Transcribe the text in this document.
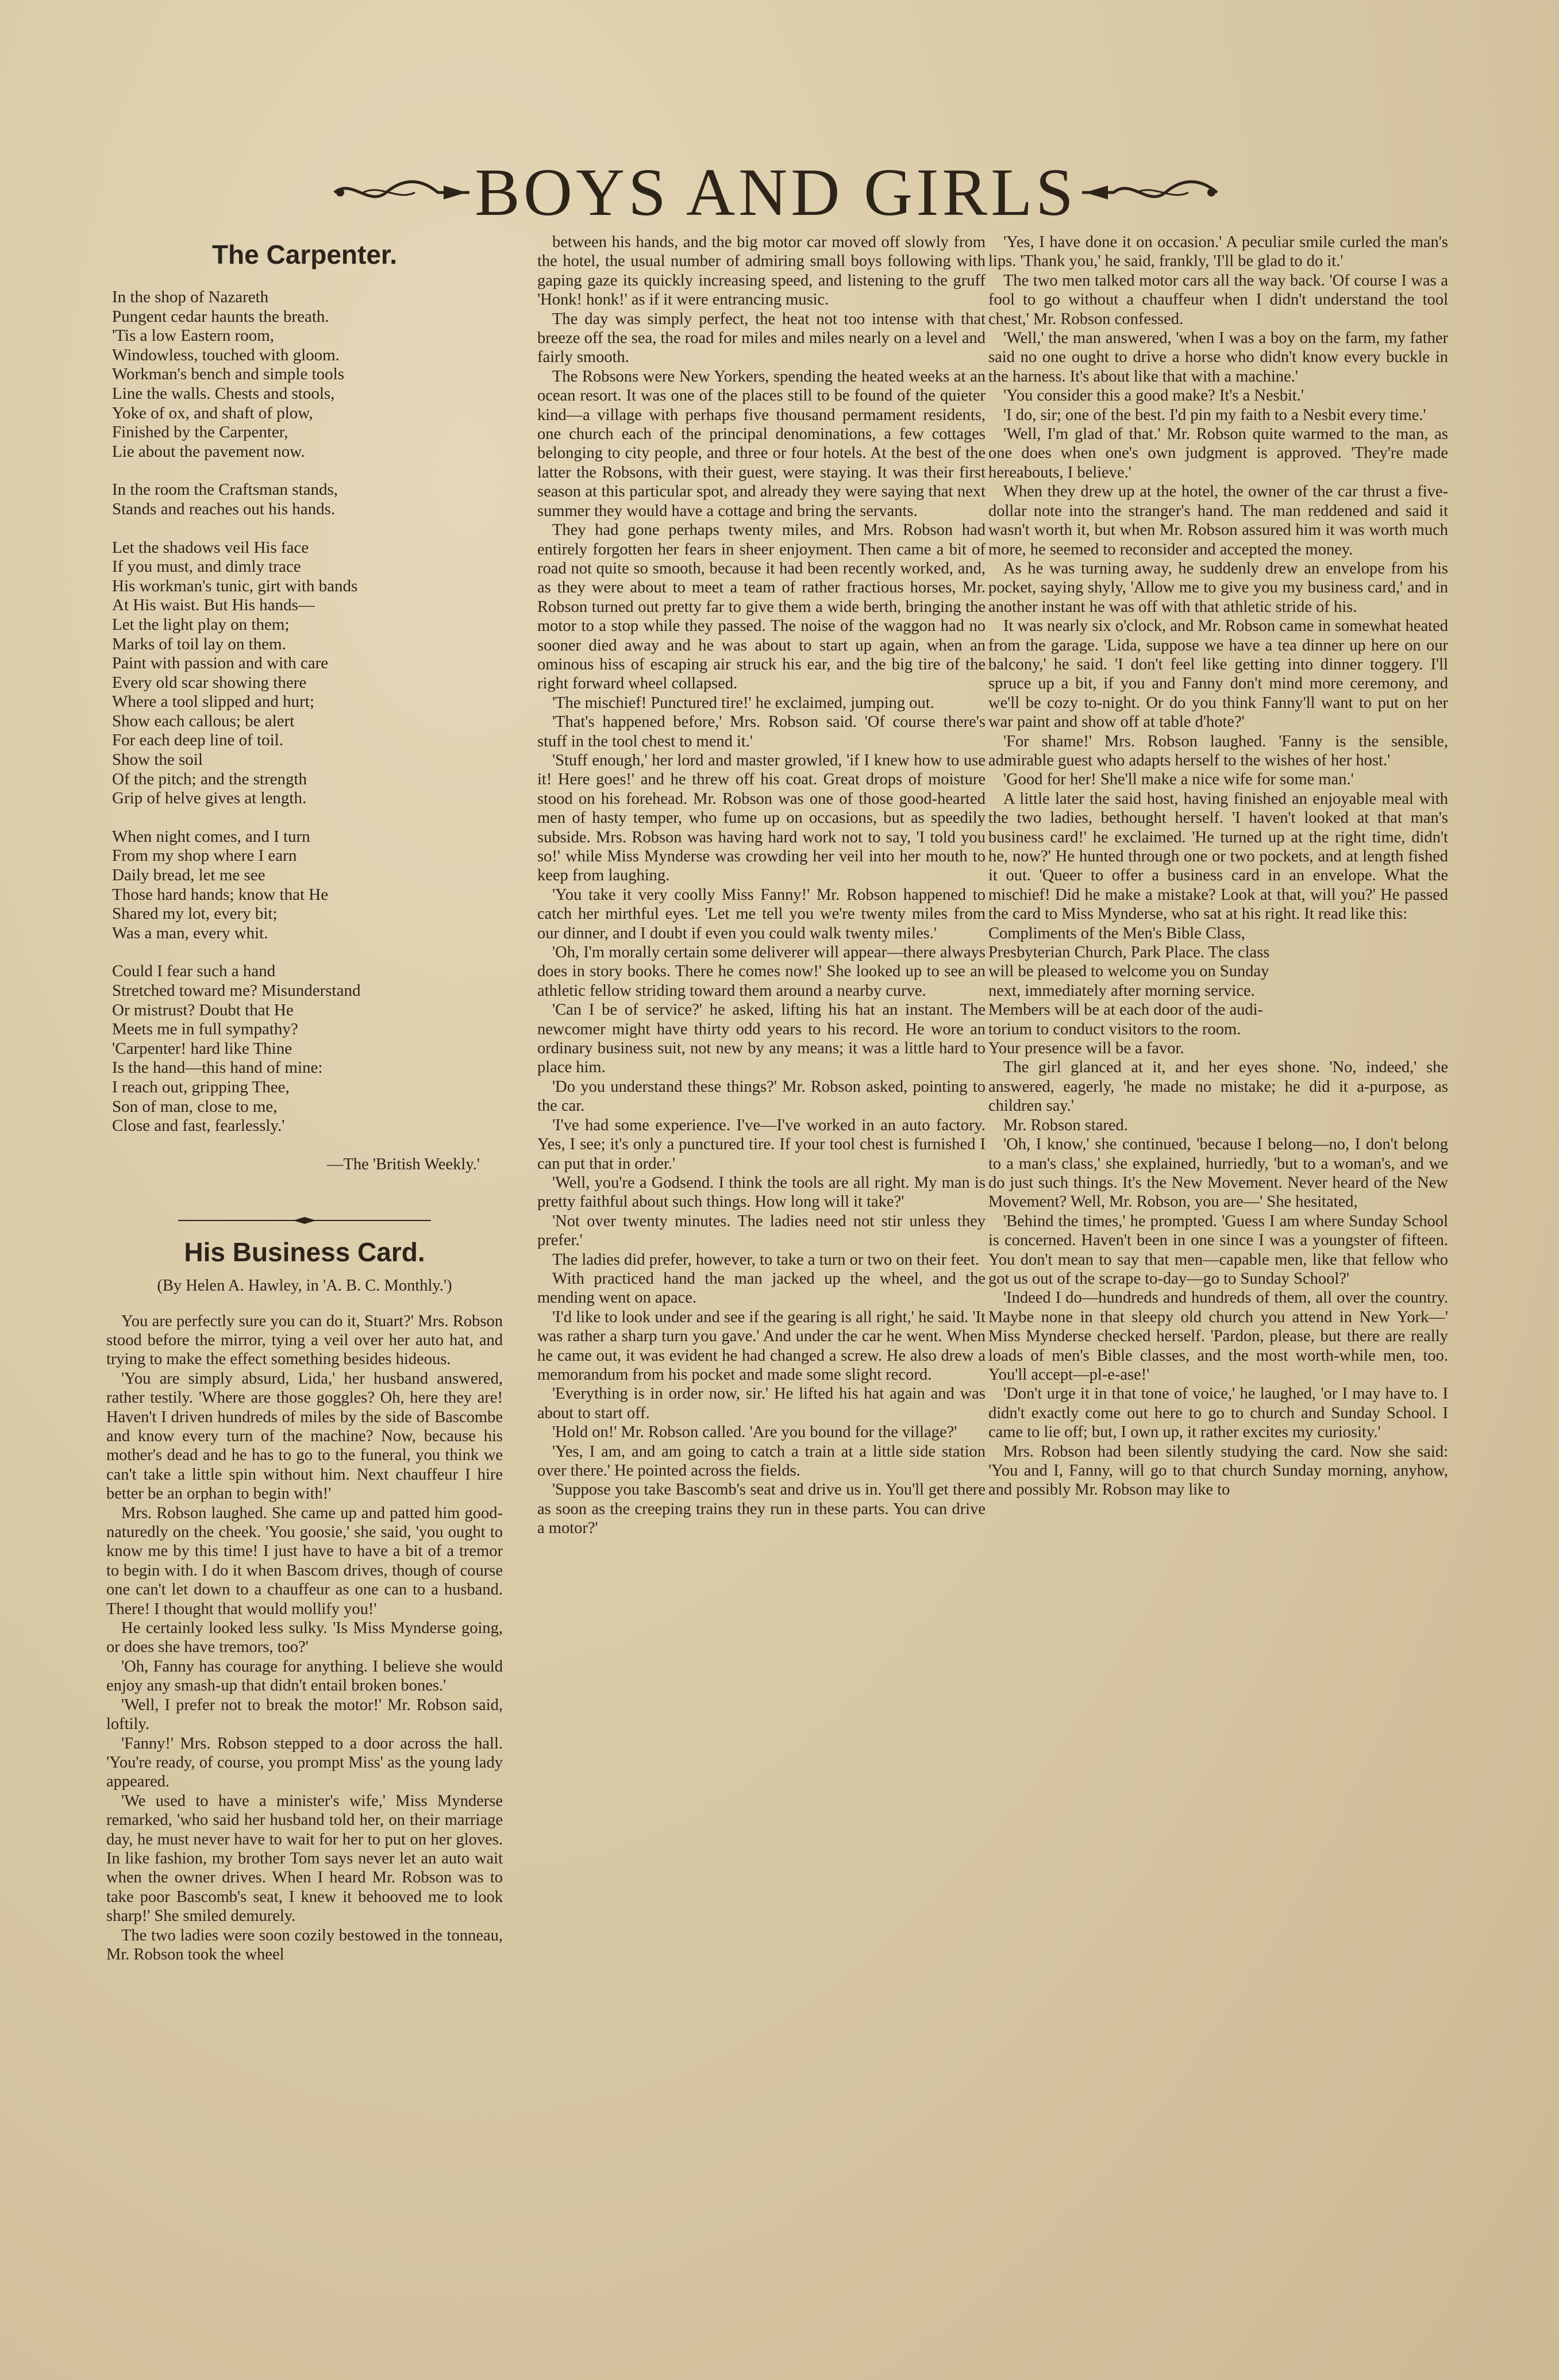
BOYS AND GIRLS
The Carpenter.
In the shop of Nazareth
Pungent cedar haunts the breath.
'Tis a low Eastern room,
Windowless, touched with gloom.
Workman's bench and simple tools
Line the walls. Chests and stools,
Yoke of ox, and shaft of plow,
Finished by the Carpenter,
Lie about the pavement now.
In the room the Craftsman stands,
Stands and reaches out his hands.
Let the shadows veil His face
If you must, and dimly trace
His workman's tunic, girt with bands
At His waist. But His hands—
Let the light play on them;
Marks of toil lay on them.
Paint with passion and with care
Every old scar showing there
Where a tool slipped and hurt;
Show each callous; be alert
For each deep line of toil.
Show the soil
Of the pitch; and the strength
Grip of helve gives at length.
When night comes, and I turn
From my shop where I earn
Daily bread, let me see
Those hard hands; know that He
Shared my lot, every bit;
Was a man, every whit.
Could I fear such a hand
Stretched toward me? Misunderstand
Or mistrust? Doubt that He
Meets me in full sympathy?
'Carpenter! hard like Thine
Is the hand—this hand of mine:
I reach out, gripping Thee,
Son of man, close to me,
Close and fast, fearlessly.'
—The 'British Weekly.'
His Business Card.
(By Helen A. Hawley, in 'A. B. C. Monthly.')

You are perfectly sure you can do it, Stuart?' Mrs. Robson stood before the mirror, tying a veil over her auto hat, and trying to make the effect something besides hideous.

'You are simply absurd, Lida,' her husband answered, rather testily. 'Where are those goggles? Oh, here they are! Haven't I driven hundreds of miles by the side of Bascombe and know every turn of the machine? Now, because his mother's dead and he has to go to the funeral, you think we can't take a little spin without him. Next chauffeur I hire better be an orphan to begin with!'

Mrs. Robson laughed. She came up and patted him good-naturedly on the cheek. 'You goosie,' she said, 'you ought to know me by this time! I just have to have a bit of a tremor to begin with. I do it when Bascom drives, though of course one can't let down to a chauffeur as one can to a husband. There! I thought that would mollify you!'

He certainly looked less sulky. 'Is Miss Mynderse going, or does she have tremors, too?'

'Oh, Fanny has courage for anything. I believe she would enjoy any smash-up that didn't entail broken bones.'

'Well, I prefer not to break the motor!' Mr. Robson said, loftily.

'Fanny!' Mrs. Robson stepped to a door across the hall. 'You're ready, of course, you prompt Miss' as the young lady appeared.

'We used to have a minister's wife,' Miss Mynderse remarked, 'who said her husband told her, on their marriage day, he must never have to wait for her to put on her gloves. In like fashion, my brother Tom says never let an auto wait when the owner drives. When I heard Mr. Robson was to take poor Bascomb's seat, I knew it behooved me to look sharp!' She smiled demurely.

The two ladies were soon cozily bestowed in the tonneau, Mr. Robson took the wheel

between his hands, and the big motor car moved off slowly from the hotel, the usual number of admiring small boys following with gaping gaze its quickly increasing speed, and listening to the gruff 'Honk! honk!' as if it were entrancing music.

The day was simply perfect, the heat not too intense with that breeze off the sea, the road for miles and miles nearly on a level and fairly smooth.

The Robsons were New Yorkers, spending the heated weeks at an ocean resort. It was one of the places still to be found of the quieter kind—a village with perhaps five thousand permament residents, one church each of the principal denominations, a few cottages belonging to city people, and three or four hotels. At the best of the latter the Robsons, with their guest, were staying. It was their first season at this particular spot, and already they were saying that next summer they would have a cottage and bring the servants.

They had gone perhaps twenty miles, and Mrs. Robson had entirely forgotten her fears in sheer enjoyment. Then came a bit of road not quite so smooth, because it had been recently worked, and, as they were about to meet a team of rather fractious horses, Mr. Robson turned out pretty far to give them a wide berth, bringing the motor to a stop while they passed. The noise of the waggon had no sooner died away and he was about to start up again, when an ominous hiss of escaping air struck his ear, and the big tire of the right forward wheel collapsed.

'The mischief! Punctured tire!' he exclaimed, jumping out.

'That's happened before,' Mrs. Robson said. 'Of course there's stuff in the tool chest to mend it.'

'Stuff enough,' her lord and master growled, 'if I knew how to use it! Here goes!' and he threw off his coat. Great drops of moisture stood on his forehead. Mr. Robson was one of those good-hearted men of hasty temper, who fume up on occasions, but as speedily subside. Mrs. Robson was having hard work not to say, 'I told you so!' while Miss Mynderse was crowding her veil into her mouth to keep from laughing.

'You take it very coolly Miss Fanny!' Mr. Robson happened to catch her mirthful eyes. 'Let me tell you we're twenty miles from our dinner, and I doubt if even you could walk twenty miles.'

'Oh, I'm morally certain some deliverer will appear—there always does in story books. There he comes now!' She looked up to see an athletic fellow striding toward them around a nearby curve.

'Can I be of service?' he asked, lifting his hat an instant. The newcomer might have thirty odd years to his record. He wore an ordinary business suit, not new by any means; it was a little hard to place him.

'Do you understand these things?' Mr. Robson asked, pointing to the car.

'I've had some experience. I've—I've worked in an auto factory. Yes, I see; it's only a punctured tire. If your tool chest is furnished I can put that in order.'

'Well, you're a Godsend. I think the tools are all right. My man is pretty faithful about such things. How long will it take?'

'Not over twenty minutes. The ladies need not stir unless they prefer.'

The ladies did prefer, however, to take a turn or two on their feet.

With practiced hand the man jacked up the wheel, and the mending went on apace.

'I'd like to look under and see if the gearing is all right,' he said. 'It was rather a sharp turn you gave.' And under the car he went. When he came out, it was evident he had changed a screw. He also drew a memorandum from his pocket and made some slight record.

'Everything is in order now, sir.' He lifted his hat again and was about to start off.

'Hold on!' Mr. Robson called. 'Are you bound for the village?'

'Yes, I am, and am going to catch a train at a little side station over there.' He pointed across the fields.

'Suppose you take Bascomb's seat and drive us in. You'll get there as soon as the creeping trains they run in these parts. You can drive a motor?'

'Yes, I have done it on occasion.' A peculiar smile curled the man's lips. 'Thank you,' he said, frankly, 'I'll be glad to do it.'

The two men talked motor cars all the way back. 'Of course I was a fool to go without a chauffeur when I didn't understand the tool chest,' Mr. Robson confessed.

'Well,' the man answered, 'when I was a boy on the farm, my father said no one ought to drive a horse who didn't know every buckle in the harness. It's about like that with a machine.'

'You consider this a good make? It's a Nesbit.'

'I do, sir; one of the best. I'd pin my faith to a Nesbit every time.'

'Well, I'm glad of that.' Mr. Robson quite warmed to the man, as one does when one's own judgment is approved. 'They're made hereabouts, I believe.'

When they drew up at the hotel, the owner of the car thrust a five-dollar note into the stranger's hand. The man reddened and said it wasn't worth it, but when Mr. Robson assured him it was worth much more, he seemed to reconsider and accepted the money.

As he was turning away, he suddenly drew an envelope from his pocket, saying shyly, 'Allow me to give you my business card,' and in another instant he was off with that athletic stride of his.

It was nearly six o'clock, and Mr. Robson came in somewhat heated from the garage. 'Lida, suppose we have a tea dinner up here on our balcony,' he said. 'I don't feel like getting into dinner toggery. I'll spruce up a bit, if you and Fanny don't mind more ceremony, and we'll be cozy to-night. Or do you think Fanny'll want to put on her war paint and show off at table d'hote?'

'For shame!' Mrs. Robson laughed. 'Fanny is the sensible, admirable guest who adapts herself to the wishes of her host.'

'Good for her! She'll make a nice wife for some man.'

A little later the said host, having finished an enjoyable meal with the two ladies, bethought herself. 'I haven't looked at that man's business card!' he exclaimed. 'He turned up at the right time, didn't he, now?' He hunted through one or two pockets, and at length fished it out. 'Queer to offer a business card in an envelope. What the mischief! Did he make a mistake? Look at that, will you?' He passed the card to Miss Mynderse, who sat at his right. It read like this:

Compliments of the Men's Bible Class,
Presbyterian Church, Park Place. The class
will be pleased to welcome you on Sunday
next, immediately after morning service.
Members will be at each door of the audi-
torium to conduct visitors to the room.
Your presence will be a favor.

The girl glanced at it, and her eyes shone. 'No, indeed,' she answered, eagerly, 'he made no mistake; he did it a-purpose, as children say.'

Mr. Robson stared.

'Oh, I know,' she continued, 'because I belong—no, I don't belong to a man's class,' she explained, hurriedly, 'but to a woman's, and we do just such things. It's the New Movement. Never heard of the New Movement? Well, Mr. Robson, you are—' She hesitated,

'Behind the times,' he prompted. 'Guess I am where Sunday School is concerned. Haven't been in one since I was a youngster of fifteen. You don't mean to say that men—capable men, like that fellow who got us out of the scrape to-day—go to Sunday School?'

'Indeed I do—hundreds and hundreds of them, all over the country. Maybe none in that sleepy old church you attend in New York—' Miss Mynderse checked herself. 'Pardon, please, but there are really loads of men's Bible classes, and the most worth-while men, too. You'll accept—pl-e-ase!'

'Don't urge it in that tone of voice,' he laughed, 'or I may have to. I didn't exactly come out here to go to church and Sunday School. I came to lie off; but, I own up, it rather excites my curiosity.'

Mrs. Robson had been silently studying the card. Now she said: 'You and I, Fanny, will go to that church Sunday morning, anyhow, and possibly Mr. Robson may like to
